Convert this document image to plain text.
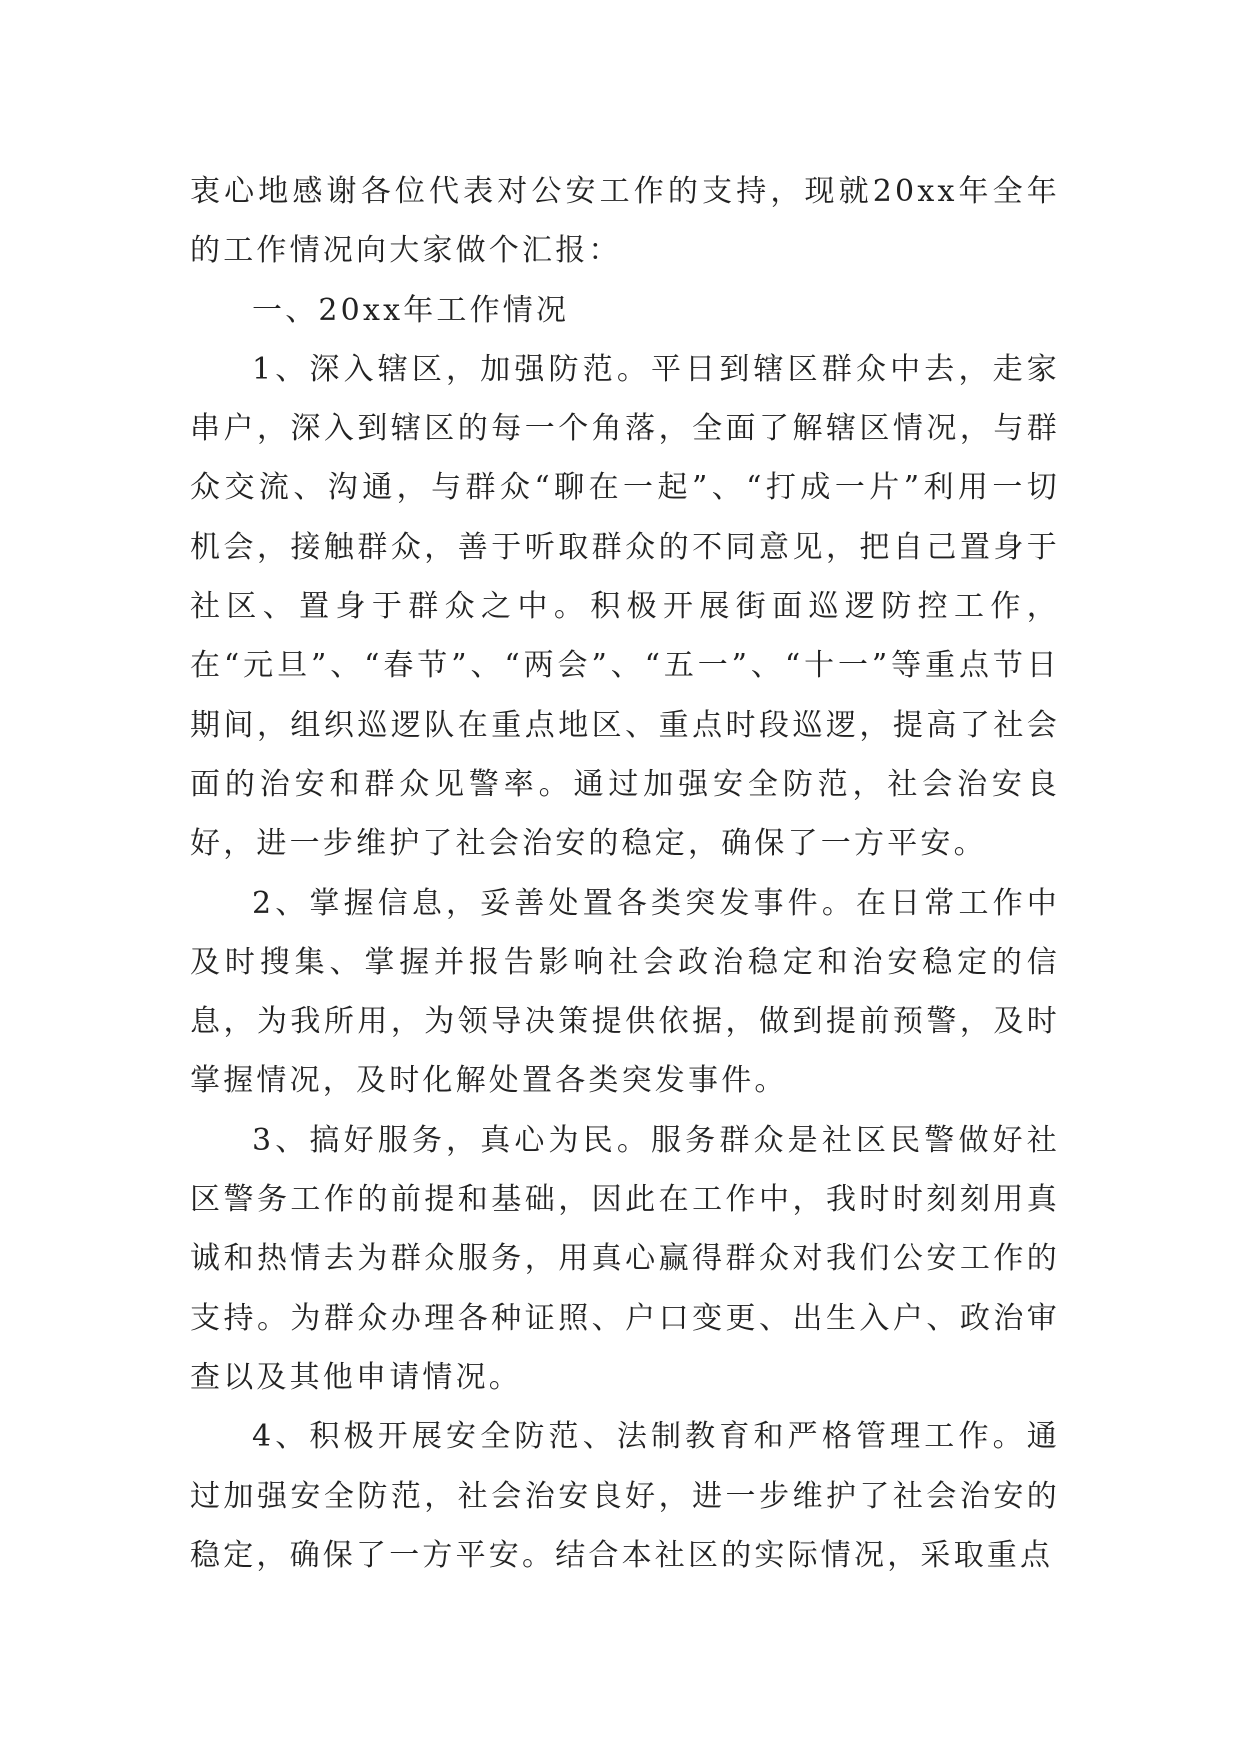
衷心地感谢各位代表对公安工作的支持，现就20xx年全年的工作情况向大家做个汇报：

一、20xx年工作情况

1、深入辖区，加强防范。平日到辖区群众中去，走家串户，深入到辖区的每一个角落，全面了解辖区情况，与群众交流、沟通，与群众“聊在一起”、“打成一片”利用一切机会，接触群众，善于听取群众的不同意见，把自己置身于社区、置身于群众之中。积极开展街面巡逻防控工作，在“元旦”、“春节”、“两会”、“五一”、“十一”等重点节日期间，组织巡逻队在重点地区、重点时段巡逻，提高了社会面的治安和群众见警率。通过加强安全防范，社会治安良好，进一步维护了社会治安的稳定，确保了一方平安。

2、掌握信息，妥善处置各类突发事件。在日常工作中及时搜集、掌握并报告影响社会政治稳定和治安稳定的信息，为我所用，为领导决策提供依据，做到提前预警，及时掌握情况，及时化解处置各类突发事件。

3、搞好服务，真心为民。服务群众是社区民警做好社区警务工作的前提和基础，因此在工作中，我时时刻刻用真诚和热情去为群众服务，用真心赢得群众对我们公安工作的支持。为群众办理各种证照、户口变更、出生入户、政治审查以及其他申请情况。

4、积极开展安全防范、法制教育和严格管理工作。通过加强安全防范，社会治安良好，进一步维护了社会治安的稳定，确保了一方平安。结合本社区的实际情况，采取重点
